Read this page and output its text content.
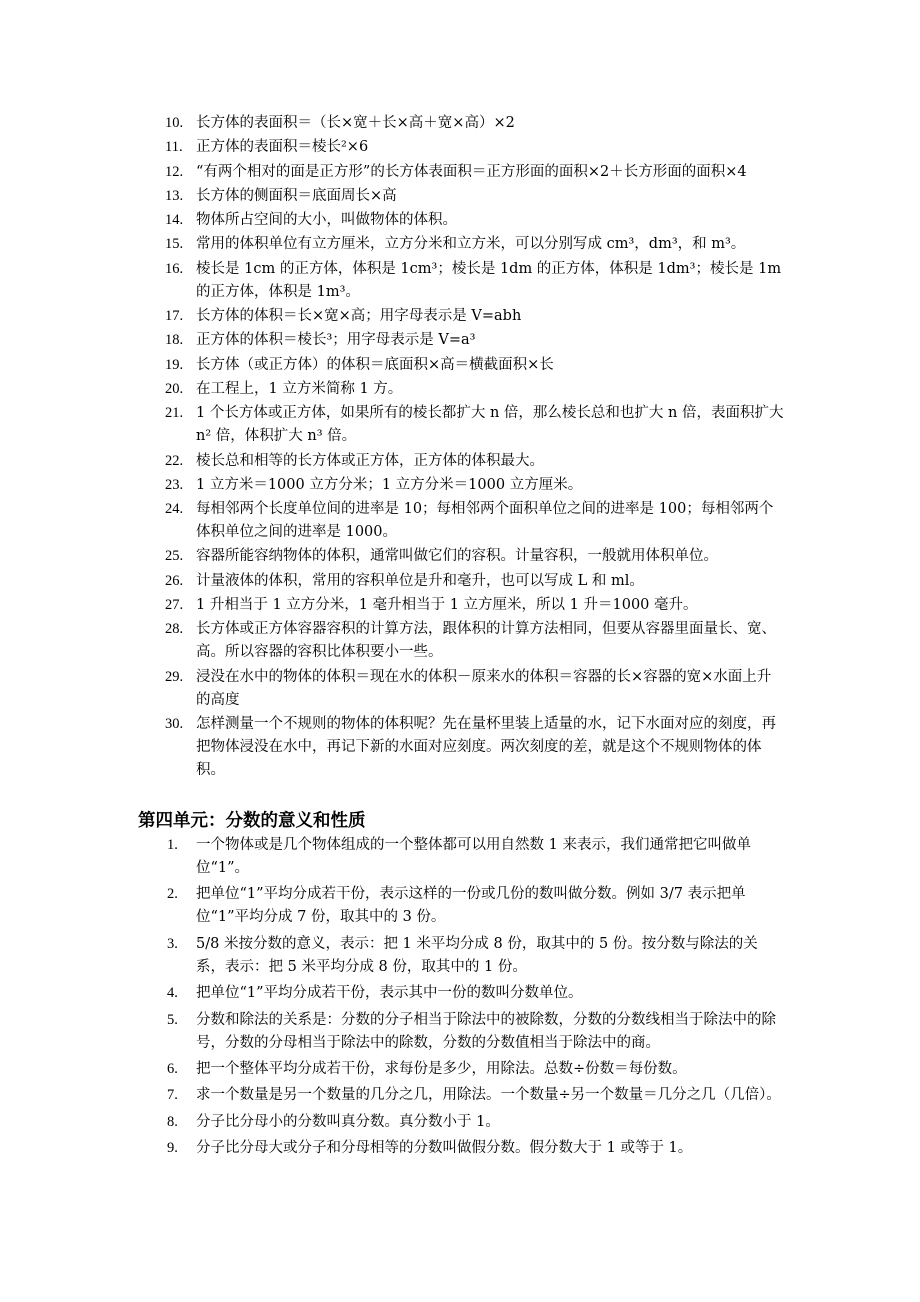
10. 长方体的表面积＝（长×宽＋长×高＋宽×高）×2
11. 正方体的表面积＝棱长²×6
12. “有两个相对的面是正方形”的长方体表面积＝正方形面的面积×2＋长方形面的面积×4
13. 长方体的侧面积＝底面周长×高
14. 物体所占空间的大小，叫做物体的体积。
15. 常用的体积单位有立方厘米，立方分米和立方米，可以分别写成 cm³，dm³，和 m³。
16. 棱长是 1cm 的正方体，体积是 1cm³；棱长是 1dm 的正方体，体积是 1dm³；棱长是 1m 的正方体，体积是 1m³。
17. 长方体的体积＝长×宽×高；用字母表示是 V=abh
18. 正方体的体积＝棱长³；用字母表示是 V=a³
19. 长方体（或正方体）的体积＝底面积×高＝横截面积×长
20. 在工程上，1 立方米简称 1 方。
21. 1 个长方体或正方体，如果所有的棱长都扩大 n 倍，那么棱长总和也扩大 n 倍，表面积扩大 n² 倍，体积扩大 n³ 倍。
22. 棱长总和相等的长方体或正方体，正方体的体积最大。
23. 1 立方米＝1000 立方分米；1 立方分米＝1000 立方厘米。
24. 每相邻两个长度单位间的进率是 10；每相邻两个面积单位之间的进率是 100；每相邻两个体积单位之间的进率是 1000。
25. 容器所能容纳物体的体积，通常叫做它们的容积。计量容积，一般就用体积单位。
26. 计量液体的体积，常用的容积单位是升和毫升，也可以写成 L 和 ml。
27. 1 升相当于 1 立方分米，1 毫升相当于 1 立方厘米，所以 1 升＝1000 毫升。
28. 长方体或正方体容器容积的计算方法，跟体积的计算方法相同，但要从容器里面量长、宽、高。所以容器的容积比体积要小一些。
29. 浸没在水中的物体的体积＝现在水的体积－原来水的体积＝容器的长×容器的宽×水面上升的高度
30. 怎样测量一个不规则的物体的体积呢？先在量杯里装上适量的水，记下水面对应的刻度，再把物体浸没在水中，再记下新的水面对应刻度。两次刻度的差，就是这个不规则物体的体积。
第四单元：分数的意义和性质
1. 一个物体或是几个物体组成的一个整体都可以用自然数 1 来表示，我们通常把它叫做单位“1”。
2. 把单位“1”平均分成若干份，表示这样的一份或几份的数叫做分数。例如 3/7 表示把单位“1”平均分成 7 份，取其中的 3 份。
3. 5/8 米按分数的意义，表示：把 1 米平均分成 8 份，取其中的 5 份。按分数与除法的关系，表示：把 5 米平均分成 8 份，取其中的 1 份。
4. 把单位“1”平均分成若干份，表示其中一份的数叫分数单位。
5. 分数和除法的关系是：分数的分子相当于除法中的被除数，分数的分数线相当于除法中的除号，分数的分母相当于除法中的除数，分数的分数值相当于除法中的商。
6. 把一个整体平均分成若干份，求每份是多少，用除法。总数÷份数＝每份数。
7. 求一个数量是另一个数量的几分之几，用除法。一个数量÷另一个数量＝几分之几（几倍）。
8. 分子比分母小的分数叫真分数。真分数小于 1。
9. 分子比分母大或分子和分母相等的分数叫做假分数。假分数大于 1 或等于 1。
